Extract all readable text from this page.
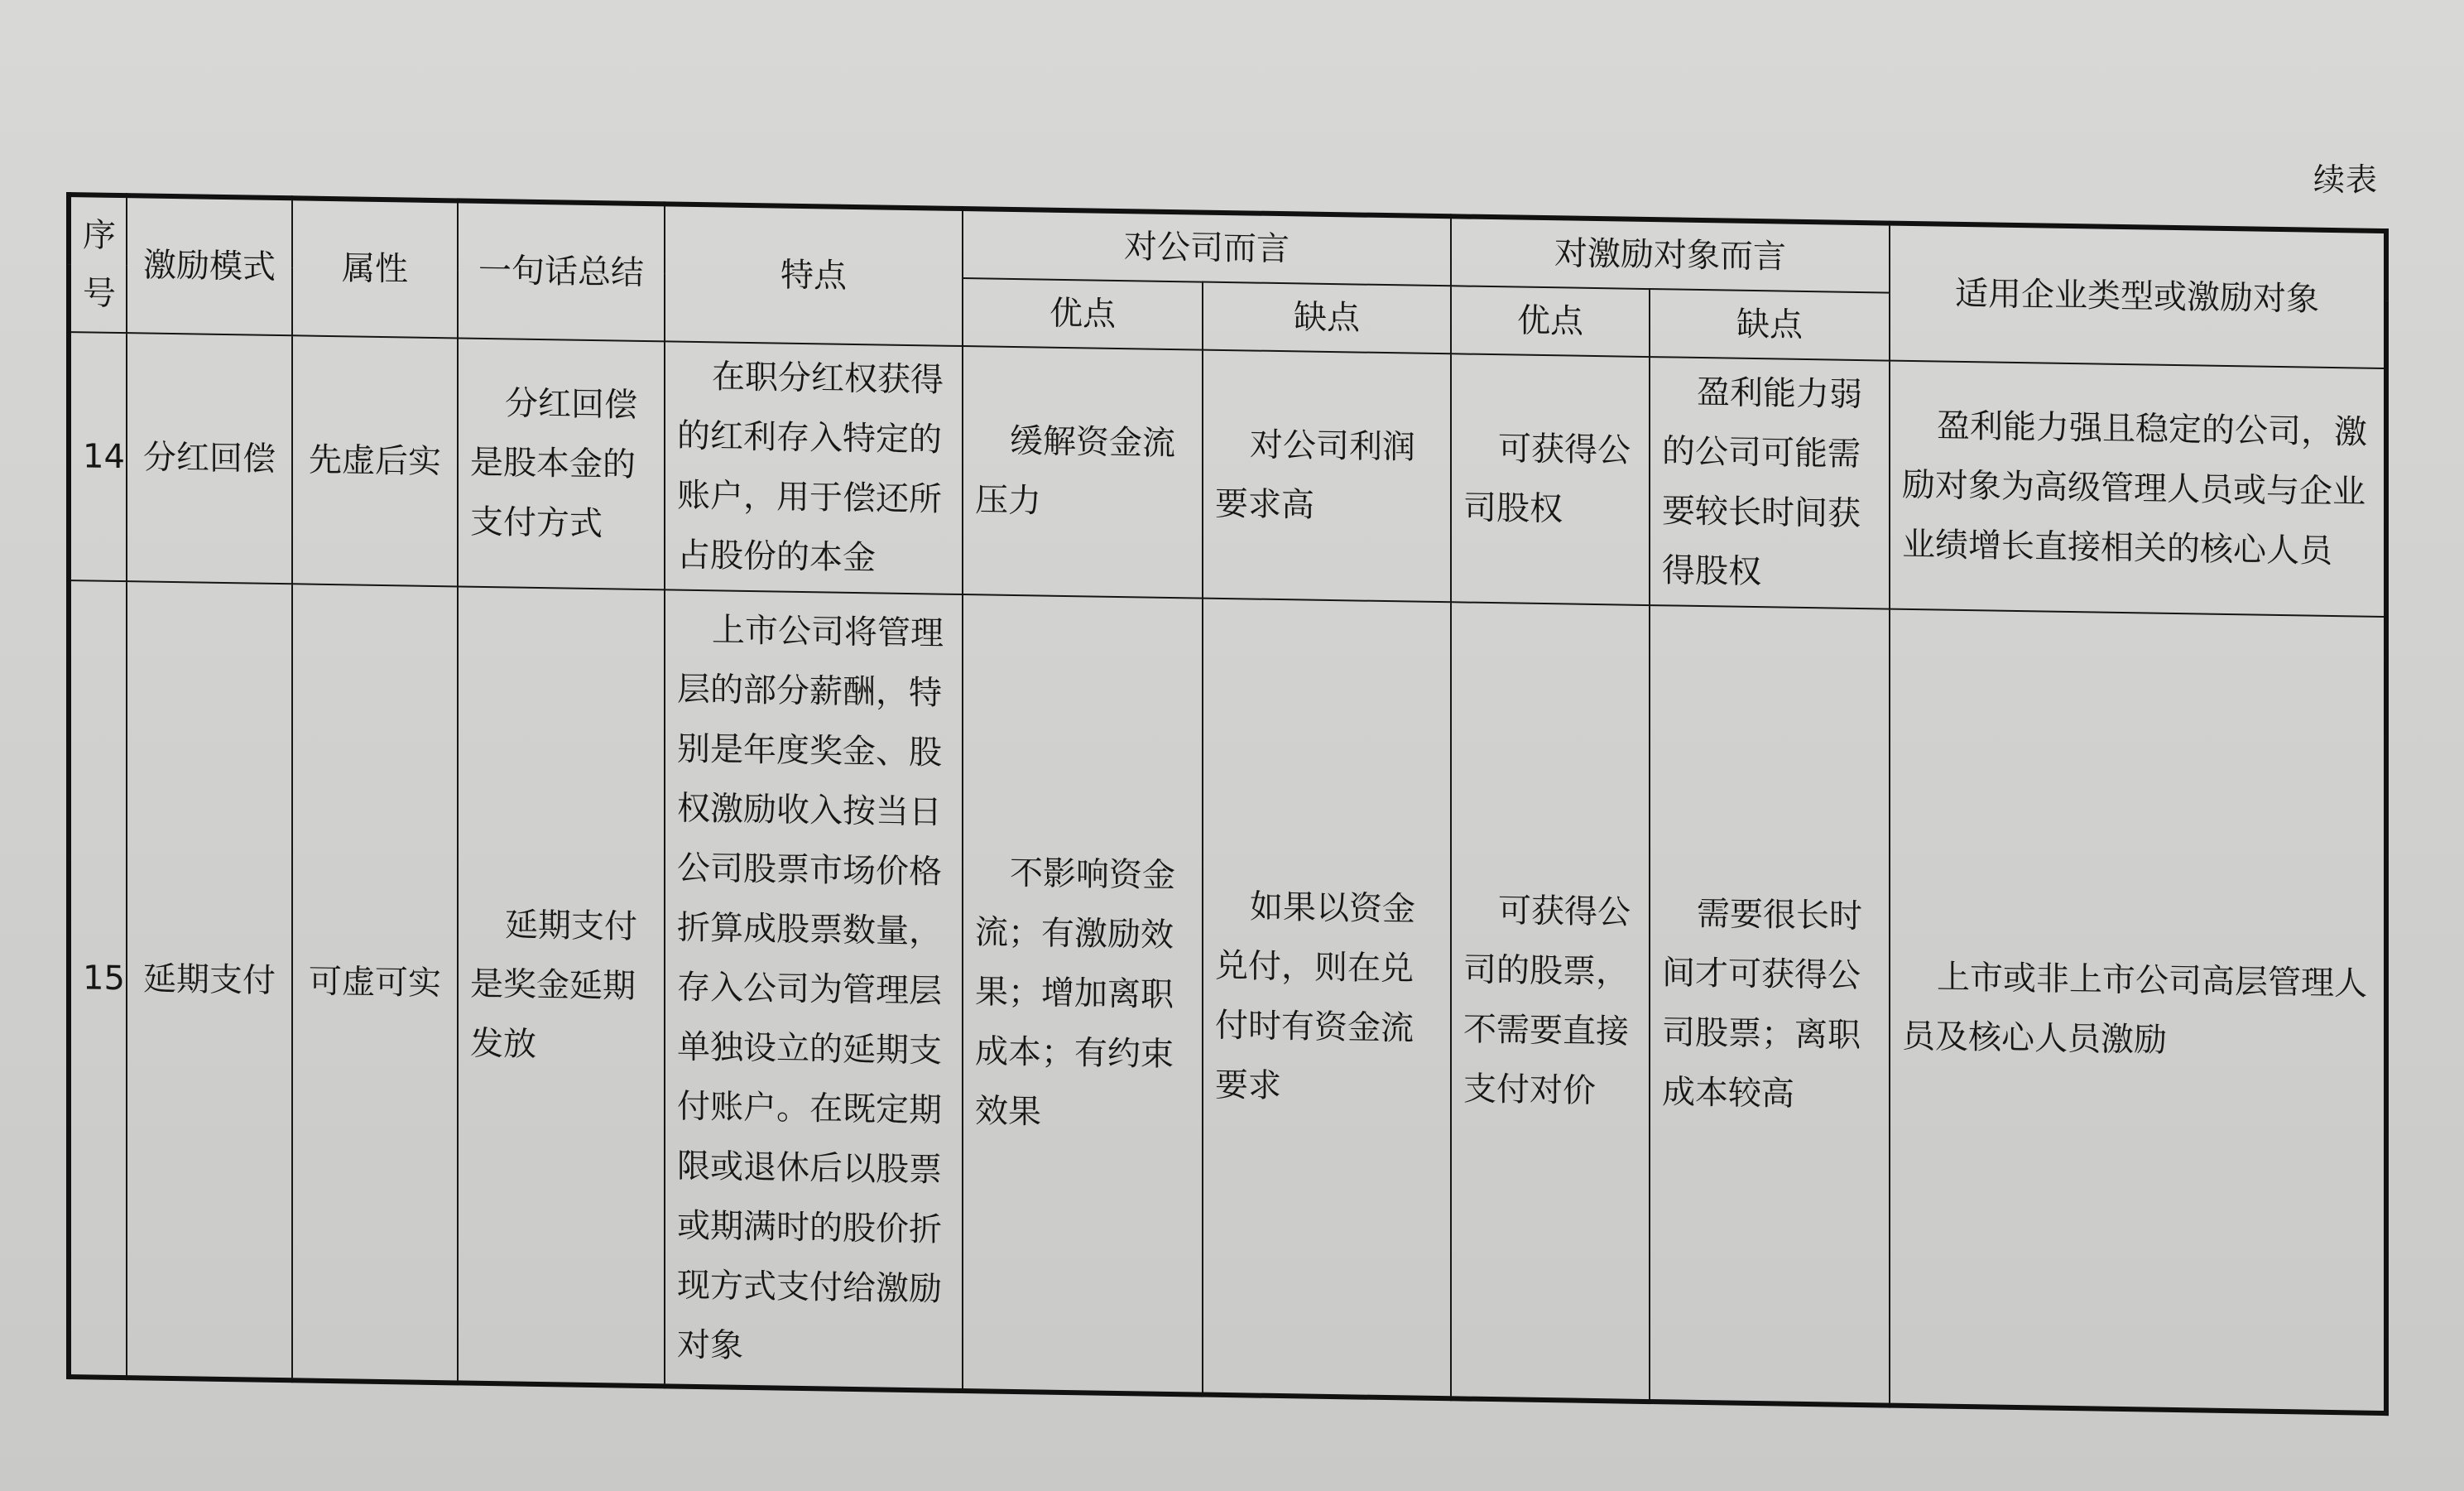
续表
序号	激励模式	属性	一句话总结	特点	对公司而言		对激励对象而言		适用企业类型或激励对象
					优点	缺点	优点	缺点	
14	分红回偿	先虚后实	分红回偿是股本金的支付方式	在职分红权获得的红利存入特定的账户，用于偿还所占股份的本金	缓解资金流压力	对公司利润要求高	可获得公司股权	盈利能力弱的公司可能需要较长时间获得股权	盈利能力强且稳定的公司，激励对象为高级管理人员或与企业业绩增长直接相关的核心人员
15	延期支付	可虚可实	延期支付是奖金延期发放	上市公司将管理层的部分薪酬，特别是年度奖金、股权激励收入按当日公司股票市场价格折算成股票数量，存入公司为管理层单独设立的延期支付账户。在既定期限或退休后以股票或期满时的股价折现方式支付给激励对象	不影响资金流；有激励效果；增加离职成本；有约束效果	如果以资金兑付，则在兑付时有资金流要求	可获得公司的股票，不需要直接支付对价	需要很长时间才可获得公司股票；离职成本较高	上市或非上市公司高层管理人员及核心人员激励
